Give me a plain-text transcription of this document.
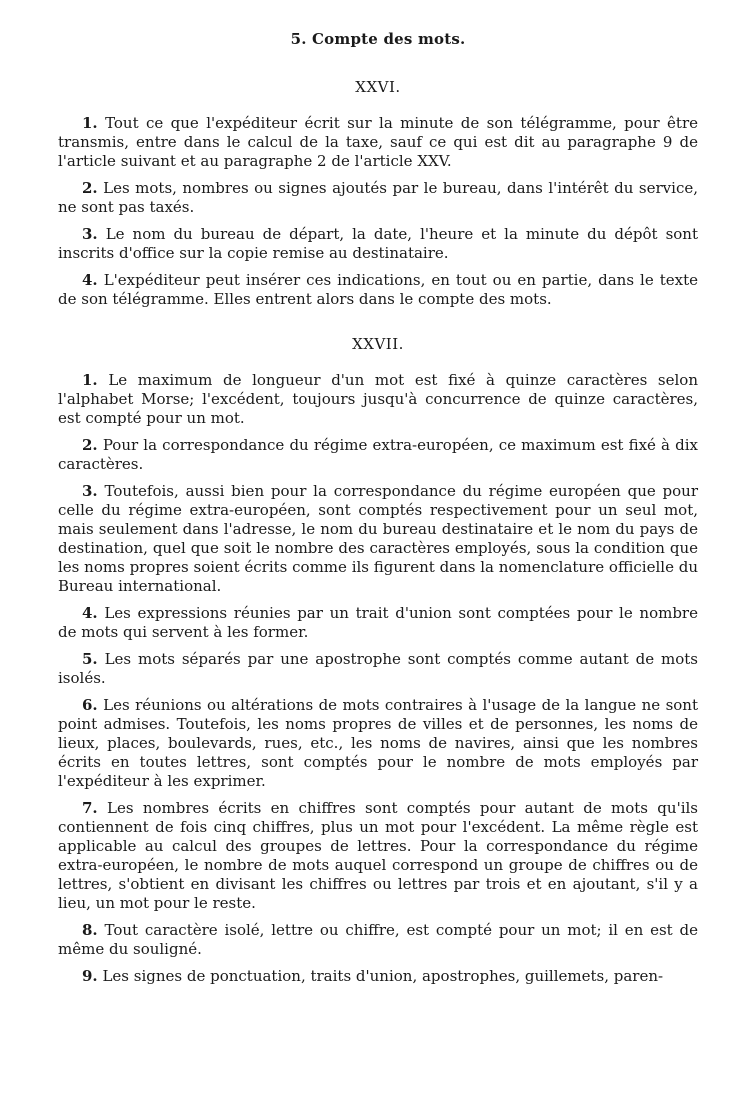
5. Compte des mots.
XXVI.

1. Tout ce que l'expéditeur écrit sur la minute de son télégramme, pour être transmis, entre dans le calcul de la taxe, sauf ce qui est dit au paragraphe 9 de l'article suivant et au paragraphe 2 de l'article XXV.

2. Les mots, nombres ou signes ajoutés par le bureau, dans l'intérêt du service, ne sont pas taxés.

3. Le nom du bureau de départ, la date, l'heure et la minute du dépôt sont inscrits d'office sur la copie remise au destinataire.

4. L'expéditeur peut insérer ces indications, en tout ou en partie, dans le texte de son télégramme. Elles entrent alors dans le compte des mots.

XXVII.

1. Le maximum de longueur d'un mot est fixé à quinze caractères selon l'alphabet Morse; l'excédent, toujours jusqu'à concurrence de quinze caractères, est compté pour un mot.

2. Pour la correspondance du régime extra-européen, ce maximum est fixé à dix caractères.

3. Toutefois, aussi bien pour la correspondance du régime européen que pour celle du régime extra-européen, sont comptés respectivement pour un seul mot, mais seulement dans l'adresse, le nom du bureau destinataire et le nom du pays de destination, quel que soit le nombre des caractères employés, sous la condition que les noms propres soient écrits comme ils figurent dans la nomenclature officielle du Bureau international.

4. Les expressions réunies par un trait d'union sont comptées pour le nombre de mots qui servent à les former.

5. Les mots séparés par une apostrophe sont comptés comme autant de mots isolés.

6. Les réunions ou altérations de mots contraires à l'usage de la langue ne sont point admises. Toutefois, les noms propres de villes et de personnes, les noms de lieux, places, boulevards, rues, etc., les noms de navires, ainsi que les nombres écrits en toutes lettres, sont comptés pour le nombre de mots employés par l'expéditeur à les exprimer.

7. Les nombres écrits en chiffres sont comptés pour autant de mots qu'ils contiennent de fois cinq chiffres, plus un mot pour l'excédent. La même règle est applicable au calcul des groupes de lettres. Pour la correspondance du régime extra-européen, le nombre de mots auquel correspond un groupe de chiffres ou de lettres, s'obtient en divisant les chiffres ou lettres par trois et en ajoutant, s'il y a lieu, un mot pour le reste.

8. Tout caractère isolé, lettre ou chiffre, est compté pour un mot; il en est de même du souligné.

9. Les signes de ponctuation, traits d'union, apostrophes, guillemets, paren-
